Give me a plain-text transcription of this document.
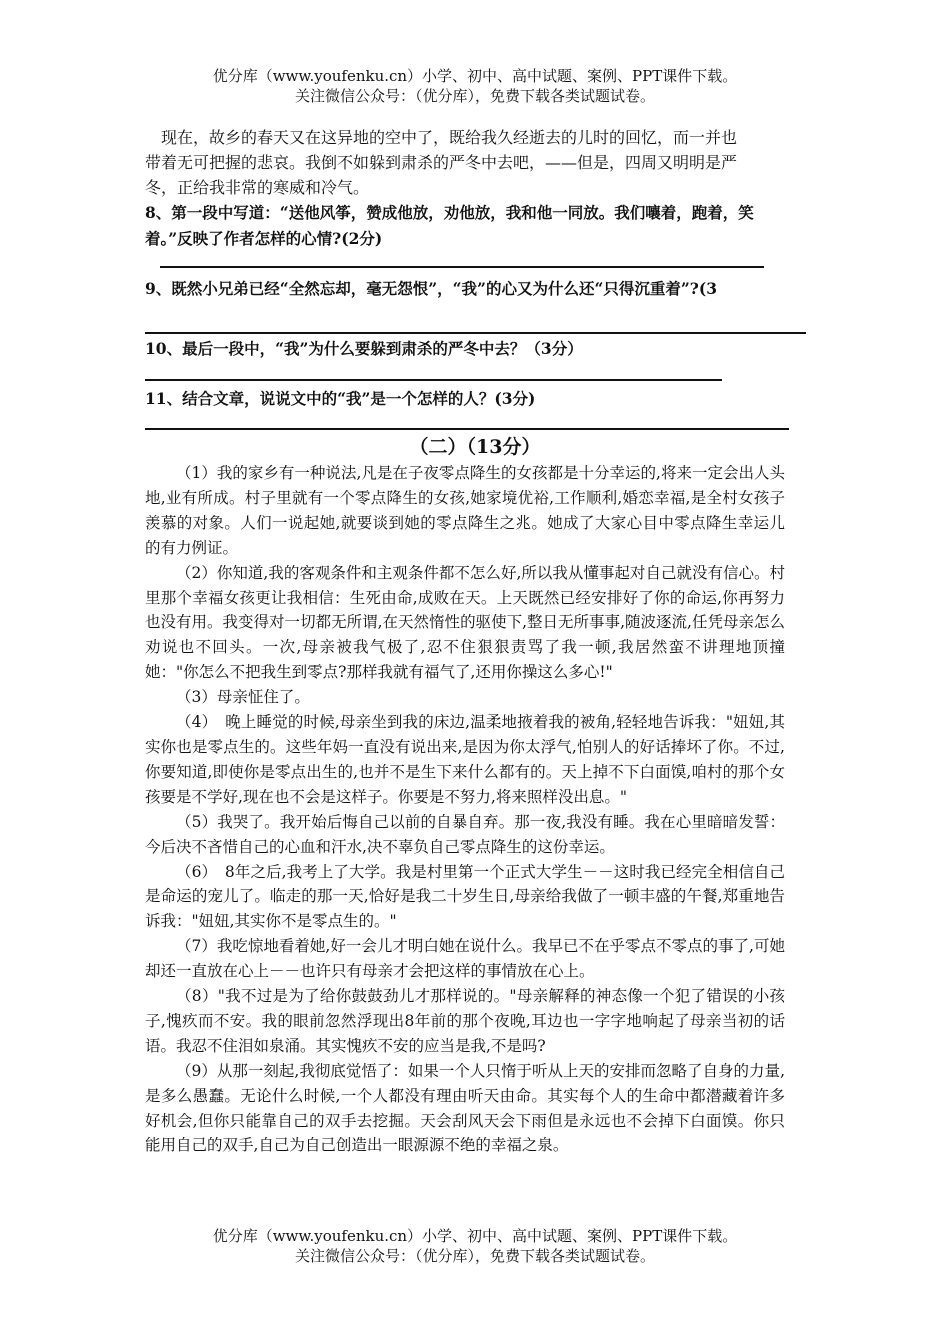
优分库（www.youfenku.cn）小学、初中、高中试题、案例、PPT课件下载。
关注微信公众号：（优分库），免费下载各类试题试卷。
　现在，故乡的春天又在这异地的空中了，既给我久经逝去的儿时的回忆，而一并也
带着无可把握的悲哀。我倒不如躲到肃杀的严冬中去吧，——但是，四周又明明是严
冬，正给我非常的寒威和冷气。
8、第一段中写道：“送他风筝，赞成他放，劝他放，我和他一同放。我们嚷着，跑着，笑
着。”反映了作者怎样的心情?(2分)
9、既然小兄弟已经“全然忘却，毫无怨恨”，“我”的心又为什么还“只得沉重着”?(3
10、最后一段中，“我”为什么要躲到肃杀的严冬中去？（3分）
11、结合文章，说说文中的“我”是一个怎样的人？(3分)
（二）（13分）

（1）我的家乡有一种说法,凡是在子夜零点降生的女孩都是十分幸运的,将来一定会出人头地,业有所成。村子里就有一个零点降生的女孩,她家境优裕,工作顺利,婚恋幸福,是全村女孩子羡慕的对象。人们一说起她,就要谈到她的零点降生之兆。她成了大家心目中零点降生幸运儿的有力例证。

（2）你知道,我的客观条件和主观条件都不怎么好,所以我从懂事起对自己就没有信心。村里那个幸福女孩更让我相信：生死由命,成败在天。上天既然已经安排好了你的命运,你再努力也没有用。我变得对一切都无所谓,在天然惰性的驱使下,整日无所事事,随波逐流,任凭母亲怎么劝说也不回头。一次,母亲被我气极了,忍不住狠狠责骂了我一顿,我居然蛮不讲理地顶撞她："你怎么不把我生到零点?那样我就有福气了,还用你操这么多心!"

（3）母亲怔住了。

（4）　晚上睡觉的时候,母亲坐到我的床边,温柔地掖着我的被角,轻轻地告诉我："妞妞,其实你也是零点生的。这些年妈一直没有说出来,是因为你太浮气,怕别人的好话捧坏了你。不过,你要知道,即使你是零点出生的,也并不是生下来什么都有的。天上掉不下白面馍,咱村的那个女孩要是不学好,现在也不会是这样子。你要是不努力,将来照样没出息。"

（5）我哭了。我开始后悔自己以前的自暴自弃。那一夜,我没有睡。我在心里暗暗发誓：今后决不吝惜自己的心血和汗水,决不辜负自己零点降生的这份幸运。

（6）　8年之后,我考上了大学。我是村里第一个正式大学生－－这时我已经完全相信自己是命运的宠儿了。临走的那一天,恰好是我二十岁生日,母亲给我做了一顿丰盛的午餐,郑重地告诉我："妞妞,其实你不是零点生的。"

（7）我吃惊地看着她,好一会儿才明白她在说什么。我早已不在乎零点不零点的事了,可她却还一直放在心上－－也许只有母亲才会把这样的事情放在心上。

（8）"我不过是为了给你鼓鼓劲儿才那样说的。"母亲解释的神态像一个犯了错误的小孩子,愧疚而不安。我的眼前忽然浮现出8年前的那个夜晚,耳边也一字字地响起了母亲当初的话语。我忍不住泪如泉涌。其实愧疚不安的应当是我,不是吗?

（9）从那一刻起,我彻底觉悟了：如果一个人只惰于听从上天的安排而忽略了自身的力量,是多么愚蠢。无论什么时候,一个人都没有理由听天由命。其实每个人的生命中都潜藏着许多好机会,但你只能靠自己的双手去挖掘。天会刮风天会下雨但是永远也不会掉下白面馍。你只能用自己的双手,自己为自己创造出一眼源源不绝的幸福之泉。

优分库（www.youfenku.cn）小学、初中、高中试题、案例、PPT课件下载。
关注微信公众号：（优分库），免费下载各类试题试卷。
